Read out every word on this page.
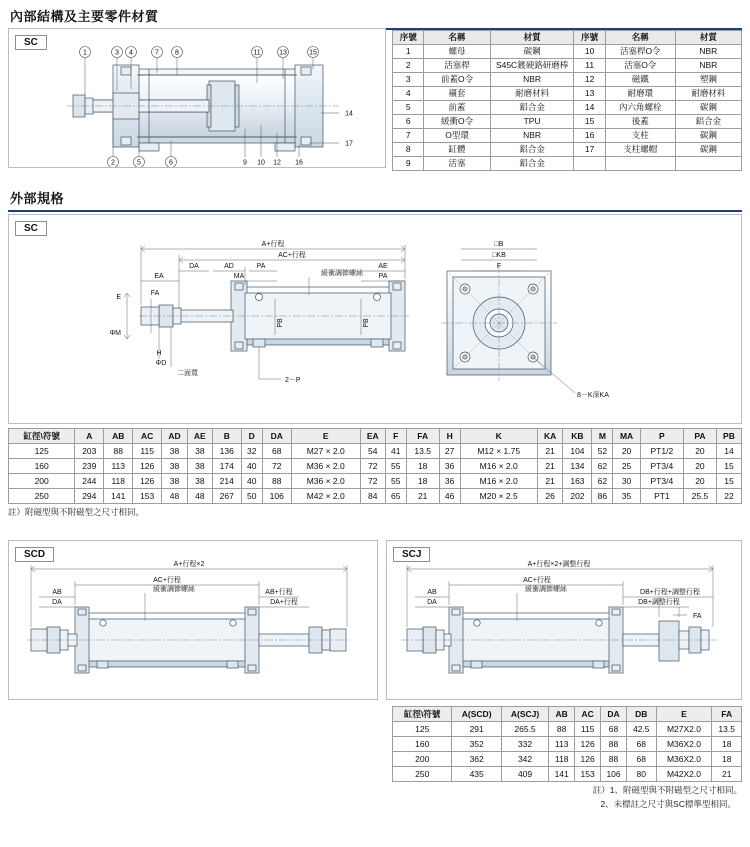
內部結構及主要零件材質
SC
1	3 4	7 8	11	13	15
2	5	6	9 10 12 16
14
17
序號	名稱	材質	序號	名稱	材質
1	螺母	碳鋼	10	活塞桿O令	NBR
2	活塞桿	S45C鍍硬鉻研磨棒	11	活塞O令	NBR
3	前蓋O令	NBR	12	磁鐵	塑鋼
4	襯套	耐磨材料	13	耐磨環	耐磨材料
5	前蓋	鋁合金	14	內六角螺栓	碳鋼
6	緩衝O令	TPU	15	後蓋	鋁合金
7	O型環	NBR	16	支柱	碳鋼
8	缸體	鋁合金	17	支柱螺帽	碳鋼
9	活塞	鋁合金			
外部規格
SC
A+行程
AC+行程
DA	AD	PA	AE
EA	MA	PA
E
FA
ΦM
ΦD
H
二面寬
PB	PB
緩衝調節螺絲
2－P
□B
□KB
F
8－K深KA
缸徑\符號	A	AB	AC	AD	AE	B	D	DA	E	EA	F	FA	H	K	KA	KB	M	MA	P	PA	PB
125	203	88	115	38	38	136	32	68	M27 × 2.0	54	41	13.5	27	M12 × 1.75	21	104	52	20	PT1/2	20	14
160	239	113	126	38	38	174	40	72	M36 × 2.0	72	55	18	36	M16 × 2.0	21	134	62	25	PT3/4	20	15
200	244	118	126	38	38	214	40	88	M36 × 2.0	72	55	18	36	M16 × 2.0	21	163	62	30	PT3/4	20	15
250	294	141	153	48	48	267	50	106	M42 × 2.0	84	65	21	46	M20 × 2.5	26	202	86	35	PT1	25.5	22
註）附磁型與不附磁型之尺寸相同。
SCD
A+行程×2
AC+行程
AB	AB+行程
DA	DA+行程
緩衝調節螺絲
SCJ
A+行程×2+調整行程
AC+行程
AB	DB+行程+調整行程
DA	DB+調整行程
FA
緩衝調節螺絲
缸徑\符號	A(SCD)	A(SCJ)	AB	AC	DA	DB	E	FA
125	291	265.5	88	115	68	42.5	M27X2.0	13.5
160	352	332	113	126	88	68	M36X2.0	18
200	362	342	118	126	88	68	M36X2.0	18
250	435	409	141	153	106	80	M42X2.0	21
註）1、附磁型與不附磁型之尺寸相同。
2、未標註之尺寸與SC標準型相同。
